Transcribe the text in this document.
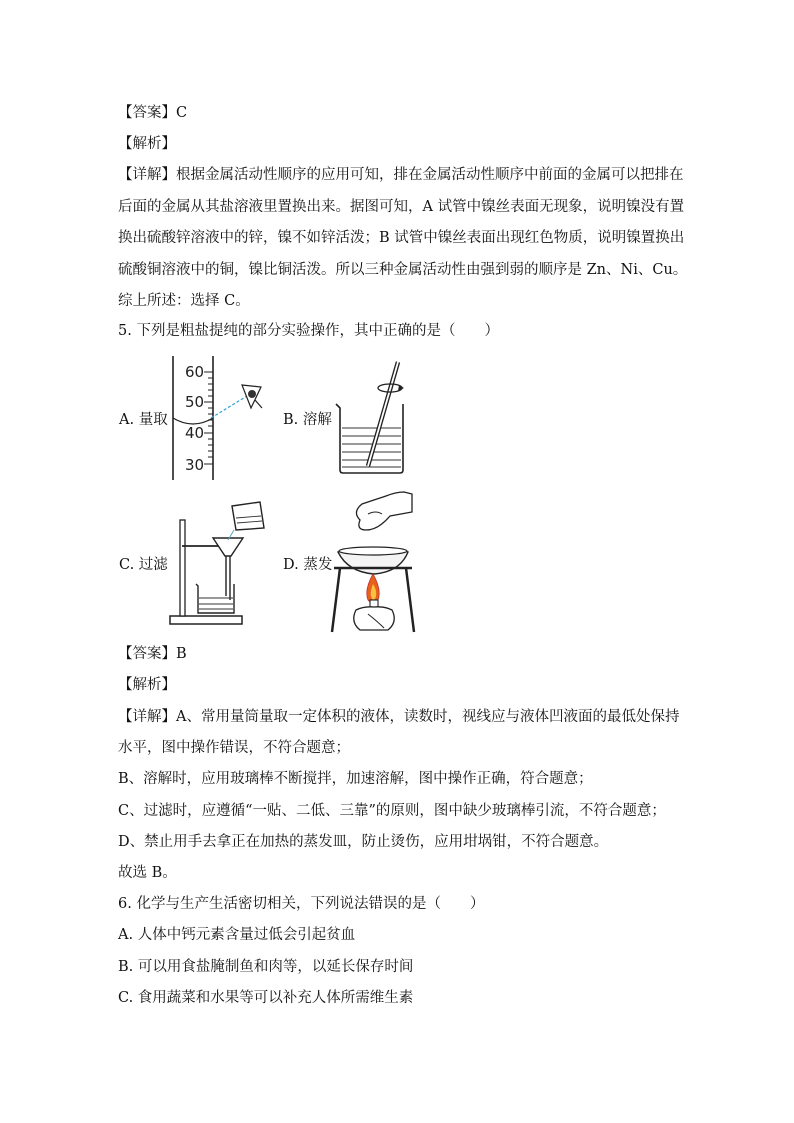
【答案】C
【解析】
【详解】根据金属活动性顺序的应用可知，排在金属活动性顺序中前面的金属可以把排在
后面的金属从其盐溶液里置换出来。据图可知，A 试管中镍丝表面无现象，说明镍没有置
换出硫酸锌溶液中的锌，镍不如锌活泼；B 试管中镍丝表面出现红色物质，说明镍置换出
硫酸铜溶液中的铜，镍比铜活泼。所以三种金属活动性由强到弱的顺序是 Zn、Ni、Cu。
综上所述：选择 C。
5. 下列是粗盐提纯的部分实验操作，其中正确的是（　　）
A. 量取
60
50
40
30
B. 溶解
C. 过滤	D. 蒸发
【答案】B
【解析】
【详解】A、常用量筒量取一定体积的液体，读数时，视线应与液体凹液面的最低处保持
水平，图中操作错误，不符合题意；
B、溶解时，应用玻璃棒不断搅拌，加速溶解，图中操作正确，符合题意；
C、过滤时，应遵循“一贴、二低、三靠”的原则，图中缺少玻璃棒引流，不符合题意；
D、禁止用手去拿正在加热的蒸发皿，防止烫伤，应用坩埚钳，不符合题意。
故选 B。
6. 化学与生产生活密切相关，下列说法错误的是（　　）
A. 人体中钙元素含量过低会引起贫血
B. 可以用食盐腌制鱼和肉等，以延长保存时间
C. 食用蔬菜和水果等可以补充人体所需维生素
